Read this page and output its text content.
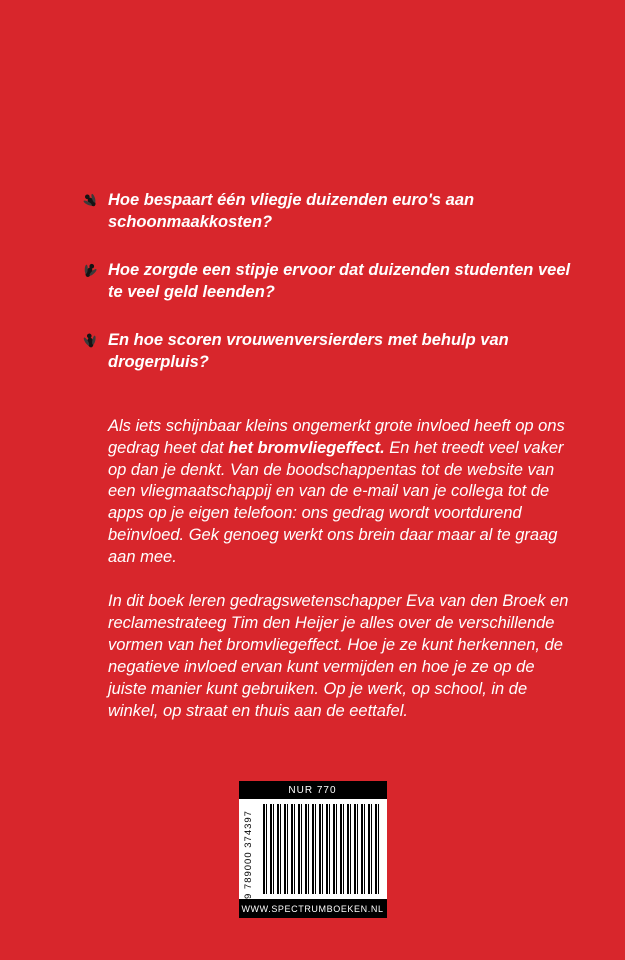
Hoe bespaart één vliegje duizenden euro's aan schoonmaakkosten?
Hoe zorgde een stipje ervoor dat duizenden studenten veel te veel geld leenden?
En hoe scoren vrouwenversierders met behulp van drogerpluis?

Als iets schijnbaar kleins ongemerkt grote invloed heeft op ons gedrag heet dat het bromvliegeffect. En het treedt veel vaker op dan je denkt. Van de boodschappentas tot de website van een vliegmaatschappij en van de e-mail van je collega tot de apps op je eigen telefoon: ons gedrag wordt voortdurend beïnvloed. Gek genoeg werkt ons brein daar maar al te graag aan mee.

In dit boek leren gedragswetenschapper Eva van den Broek en reclamestrateeg Tim den Heijer je alles over de verschillende vormen van het bromvliegeffect. Hoe je ze kunt herkennen, de negatieve invloed ervan kunt vermijden en hoe je ze op de juiste manier kunt gebruiken. Op je werk, op school, in de winkel, op straat en thuis aan de eettafel.

NUR 770
9 789000 374397
WWW.SPECTRUMBOEKEN.NL
